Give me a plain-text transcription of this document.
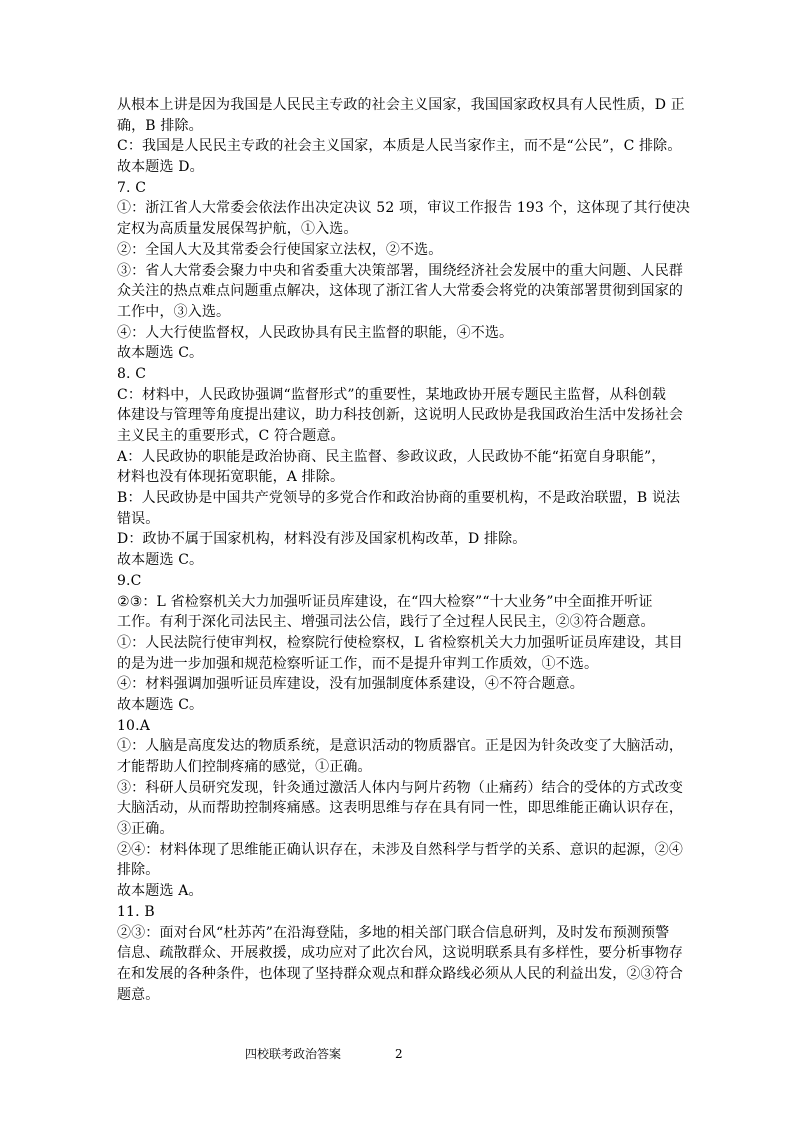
从根本上讲是因为我国是人民民主专政的社会主义国家，我国国家政权具有人民性质，D 正
确，B 排除。
C：我国是人民民主专政的社会主义国家，本质是人民当家作主，而不是“公民”，C 排除。
故本题选 D。
7. C
①：浙江省人大常委会依法作出决定决议 52 项，审议工作报告 193 个，这体现了其行使决
定权为高质量发展保驾护航，①入选。
②：全国人大及其常委会行使国家立法权，②不选。
③：省人大常委会聚力中央和省委重大决策部署，围绕经济社会发展中的重大问题、人民群
众关注的热点难点问题重点解决，这体现了浙江省人大常委会将党的决策部署贯彻到国家的
工作中，③入选。
④：人大行使监督权，人民政协具有民主监督的职能，④不选。
故本题选 C。
8. C
C：材料中，人民政协强调“监督形式”的重要性，某地政协开展专题民主监督，从科创载
体建设与管理等角度提出建议，助力科技创新，这说明人民政协是我国政治生活中发扬社会
主义民主的重要形式，C 符合题意。
A：人民政协的职能是政治协商、民主监督、参政议政，人民政协不能“拓宽自身职能”，
材料也没有体现拓宽职能，A 排除。
B：人民政协是中国共产党领导的多党合作和政治协商的重要机构，不是政治联盟，B 说法
错误。
D：政协不属于国家机构，材料没有涉及国家机构改革，D 排除。
故本题选 C。
9.C
②③：L 省检察机关大力加强听证员库建设，在“四大检察”“十大业务”中全面推开听证
工作。有利于深化司法民主、增强司法公信，践行了全过程人民民主，②③符合题意。
①：人民法院行使审判权，检察院行使检察权，L 省检察机关大力加强听证员库建设，其目
的是为进一步加强和规范检察听证工作，而不是提升审判工作质效，①不选。
④：材料强调加强听证员库建设，没有加强制度体系建设，④不符合题意。
故本题选 C。
10.A
①：人脑是高度发达的物质系统，是意识活动的物质器官。正是因为针灸改变了大脑活动，
才能帮助人们控制疼痛的感觉，①正确。
③：科研人员研究发现，针灸通过激活人体内与阿片药物（止痛药）结合的受体的方式改变
大脑活动，从而帮助控制疼痛感。这表明思维与存在具有同一性，即思维能正确认识存在，
③正确。
②④：材料体现了思维能正确认识存在，未涉及自然科学与哲学的关系、意识的起源，②④
排除。
故本题选 A。
11. B
②③：面对台风“杜苏芮”在沿海登陆，多地的相关部门联合信息研判，及时发布预测预警
信息、疏散群众、开展救援，成功应对了此次台风，这说明联系具有多样性，要分析事物存
在和发展的各种条件，也体现了坚持群众观点和群众路线必须从人民的利益出发，②③符合
题意。
四校联考政治答案	2
